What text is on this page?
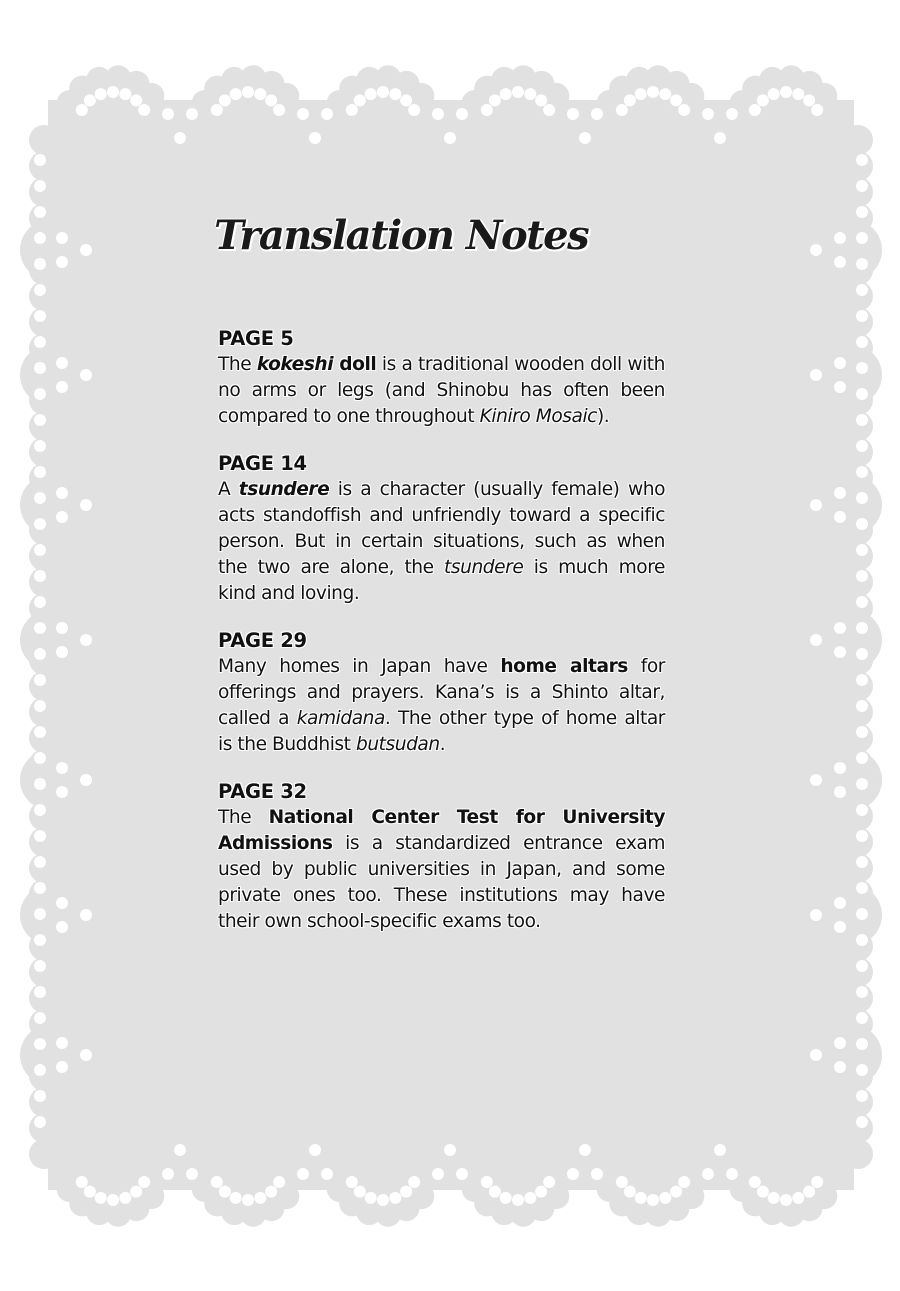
Translation Notes
PAGE 5

The kokeshi doll is a traditional wooden doll with no arms or legs (and Shinobu has often been compared to one throughout Kiniro Mosaic).

PAGE 14

A tsundere is a character (usually female) who acts standoffish and unfriendly toward a specific person. But in certain situations, such as when the two are alone, the tsundere is much more kind and loving.

PAGE 29

Many homes in Japan have home altars for offerings and prayers. Kana’s is a Shinto altar, called a kamidana. The other type of home altar is the Buddhist butsudan.

PAGE 32

The National Center Test for University Admissions is a standardized entrance exam used by public universities in Japan, and some private ones too. These institutions may have their own school-specific exams too.
